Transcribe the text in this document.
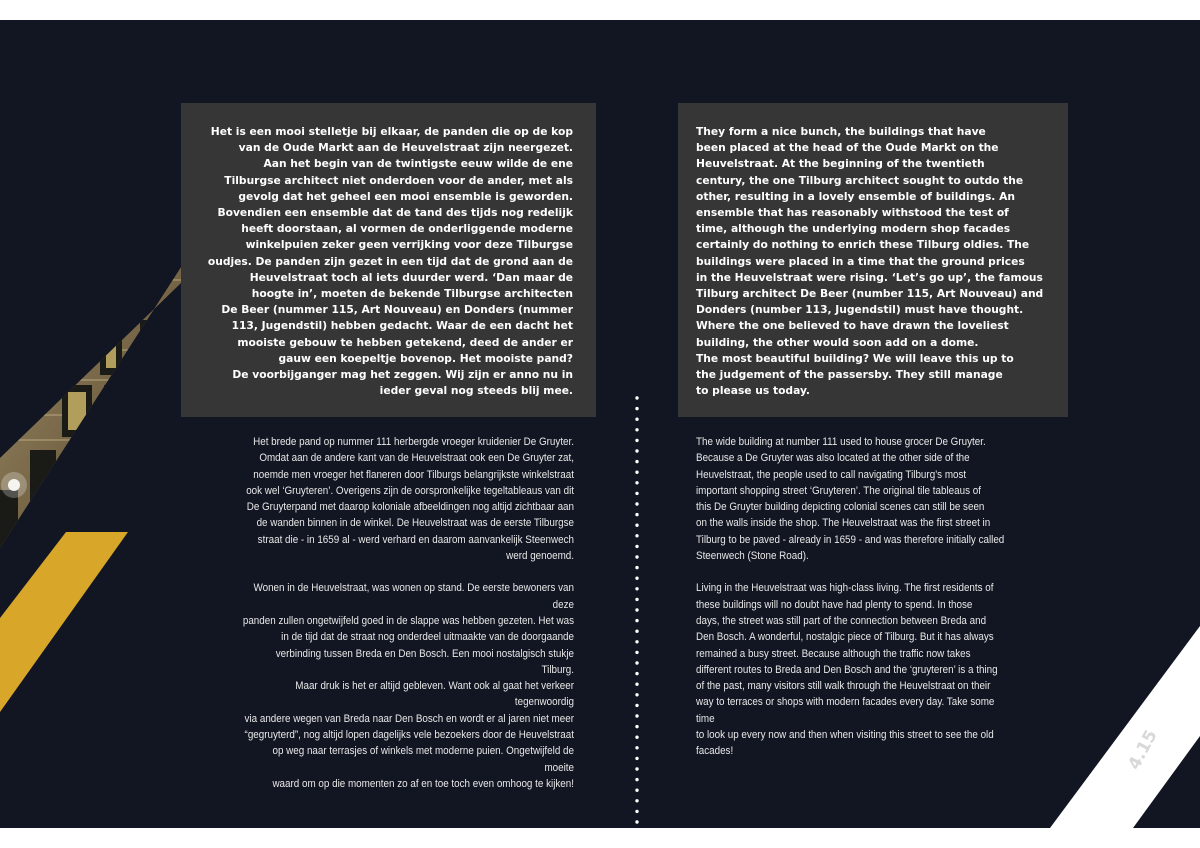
Het is een mooi stelletje bij elkaar, de panden die op de kop
van de Oude Markt aan de Heuvelstraat zijn neergezet.
Aan het begin van de twintigste eeuw wilde de ene
Tilburgse architect niet onderdoen voor de ander, met als
gevolg dat het geheel een mooi ensemble is geworden.
Bovendien een ensemble dat de tand des tijds nog redelijk
heeft doorstaan, al vormen de onderliggende moderne
winkelpuien zeker geen verrijking voor deze Tilburgse
oudjes. De panden zijn gezet in een tijd dat de grond aan de
Heuvelstraat toch al iets duurder werd. ‘Dan maar de
hoogte in’, moeten de bekende Tilburgse architecten
De Beer (nummer 115, Art Nouveau) en Donders (nummer
113, Jugendstil) hebben gedacht. Waar de een dacht het
mooiste gebouw te hebben getekend, deed de ander er
gauw een koepeltje bovenop. Het mooiste pand?
De voorbijganger mag het zeggen. Wij zijn er anno nu in
ieder geval nog steeds blij mee.

They form a nice bunch, the buildings that have
been placed at the head of the Oude Markt on the
Heuvelstraat. At the beginning of the twentieth
century, the one Tilburg architect sought to outdo the
other, resulting in a lovely ensemble of buildings. An
ensemble that has reasonably withstood the test of
time, although the underlying modern shop facades
certainly do nothing to enrich these Tilburg oldies. The
buildings were placed in a time that the ground prices
in the Heuvelstraat were rising. ‘Let’s go up’, the famous
Tilburg architect De Beer (number 115, Art Nouveau) and
Donders (number 113, Jugendstil) must have thought.
Where the one believed to have drawn the loveliest
building, the other would soon add on a dome.
The most beautiful building? We will leave this up to
the judgement of the passersby. They still manage
to please us today.

Het brede pand op nummer 111 herbergde vroeger kruidenier De Gruyter.
Omdat aan de andere kant van de Heuvelstraat ook een De Gruyter zat,
noemde men vroeger het flaneren door Tilburgs belangrijkste winkelstraat
ook wel ‘Gruyteren’. Overigens zijn de oorspronkelijke tegeltableaus van dit
De Gruyterpand met daarop koloniale afbeeldingen nog altijd zichtbaar aan
de wanden binnen in de winkel. De Heuvelstraat was de eerste Tilburgse
straat die - in 1659 al - werd verhard en daarom aanvankelijk Steenwech
werd genoemd.

Wonen in de Heuvelstraat, was wonen op stand. De eerste bewoners van deze
panden zullen ongetwijfeld goed in de slappe was hebben gezeten. Het was
in de tijd dat de straat nog onderdeel uitmaakte van de doorgaande
verbinding tussen Breda en Den Bosch. Een mooi nostalgisch stukje Tilburg.
Maar druk is het er altijd gebleven. Want ook al gaat het verkeer tegenwoordig
via andere wegen van Breda naar Den Bosch en wordt er al jaren niet meer
“gegruyterd”, nog altijd lopen dagelijks vele bezoekers door de Heuvelstraat
op weg naar terrasjes of winkels met moderne puien. Ongetwijfeld de moeite
waard om op die momenten zo af en toe toch even omhoog te kijken!

The wide building at number 111 used to house grocer De Gruyter.
Because a De Gruyter was also located at the other side of the
Heuvelstraat, the people used to call navigating Tilburg’s most
important shopping street ‘Gruyteren’. The original tile tableaus of
this De Gruyter building depicting colonial scenes can still be seen
on the walls inside the shop. The Heuvelstraat was the first street in
Tilburg to be paved - already in 1659 - and was therefore initially called
Steenwech (Stone Road).

Living in the Heuvelstraat was high-class living. The first residents of
these buildings will no doubt have had plenty to spend. In those
days, the street was still part of the connection between Breda and
Den Bosch. A wonderful, nostalgic piece of Tilburg. But it has always
remained a busy street. Because although the traffic now takes
different routes to Breda and Den Bosch and the ‘gruyteren’ is a thing
of the past, many visitors still walk through the Heuvelstraat on their
way to terraces or shops with modern facades every day. Take some time
to look up every now and then when visiting this street to see the old
facades!	4.15
